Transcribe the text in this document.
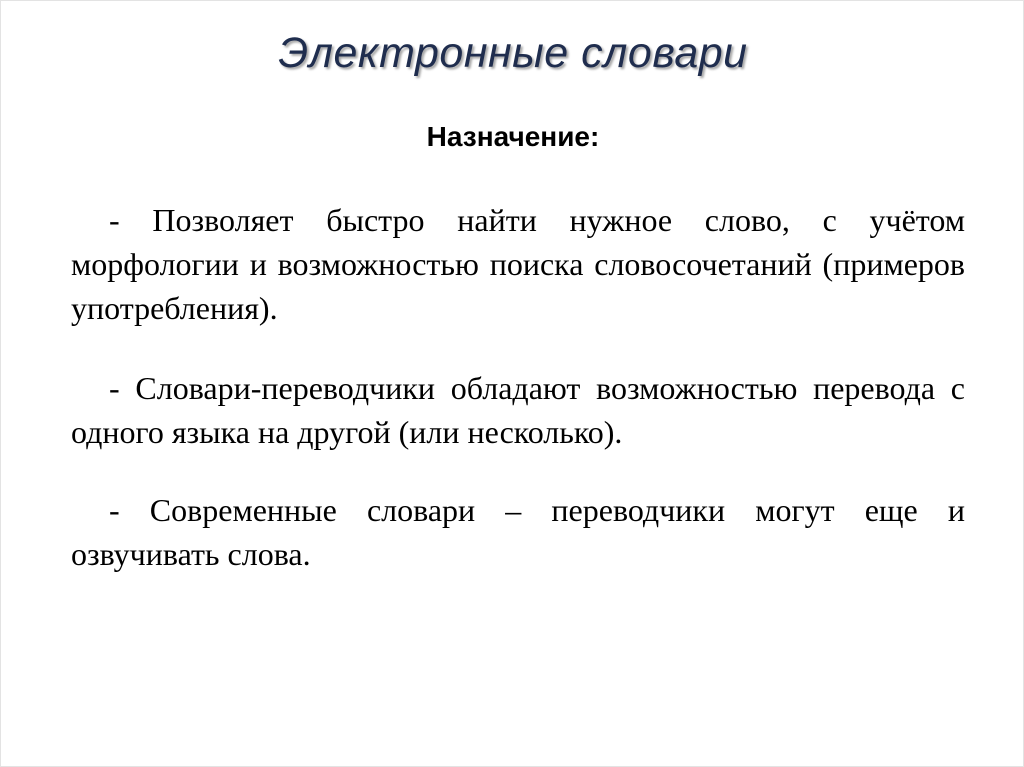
Электронные словари
Назначение:

- Позволяет быстро найти нужное слово, с учётом морфологии и возможностью поиска словосочетаний (примеров употребления).

- Словари-переводчики обладают возможностью перевода с одного языка на другой (или несколько).

- Современные словари – переводчики могут еще и озвучивать слова.
